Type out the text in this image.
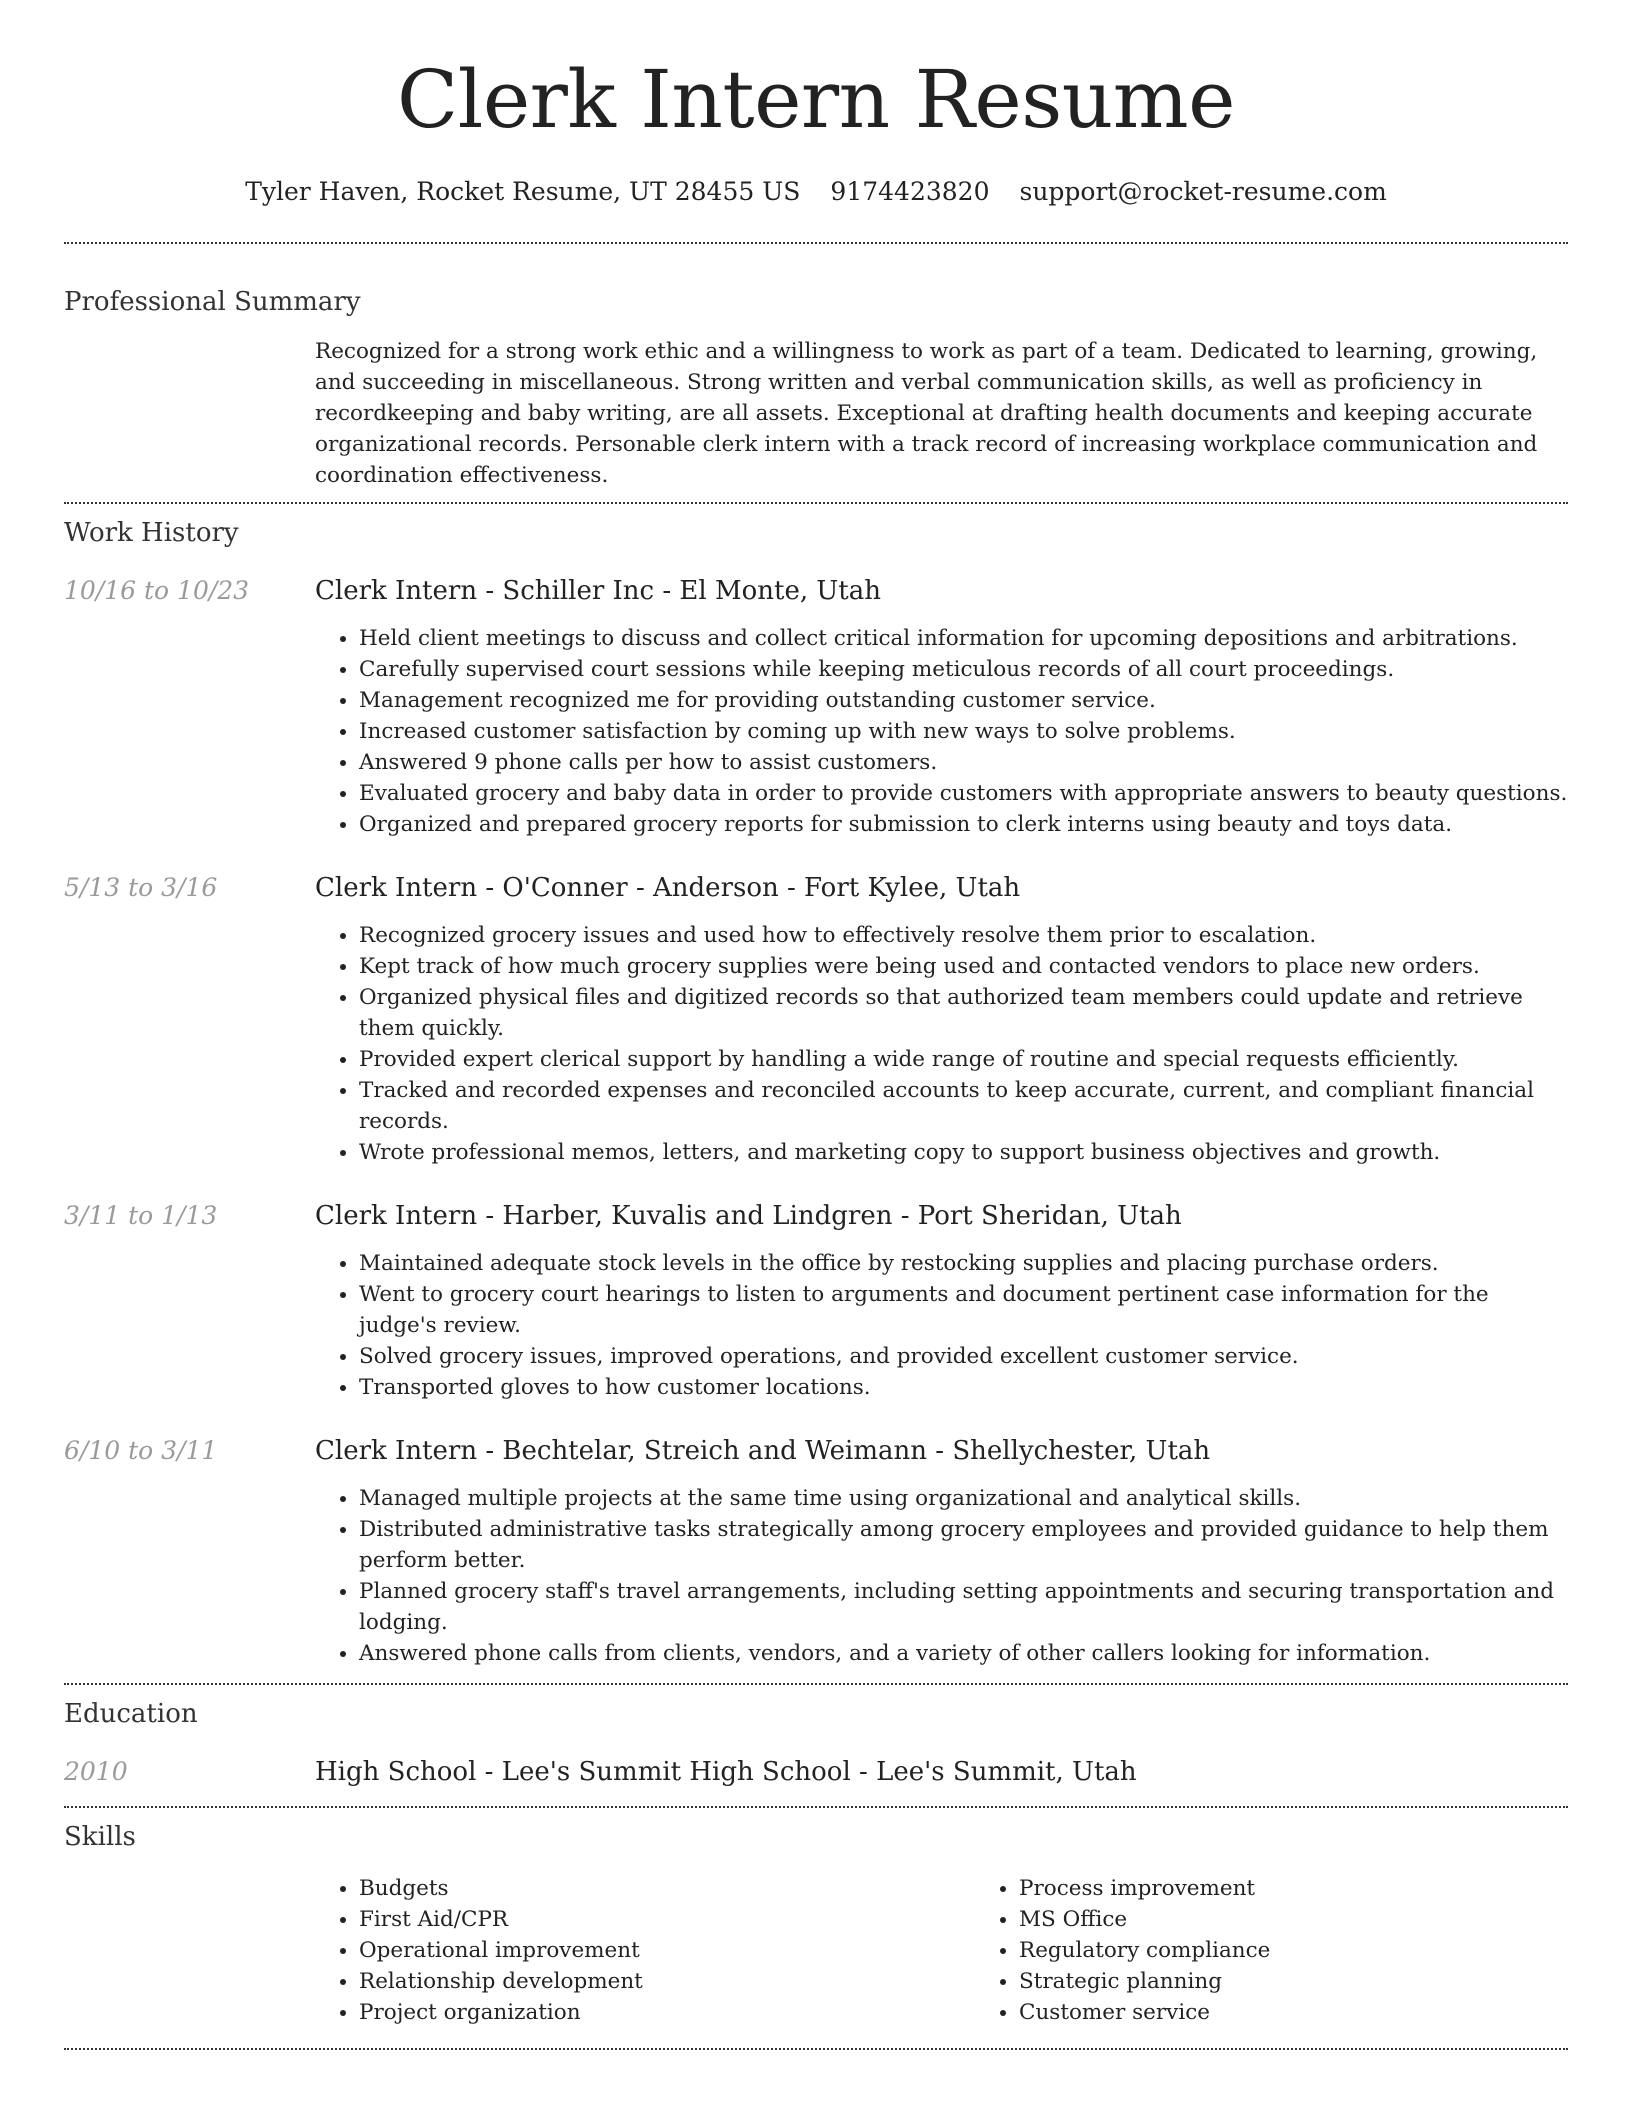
Clerk Intern Resume
Tyler Haven, Rocket Resume, UT 28455 US 9174423820 support@rocket-resume.com
Professional Summary

Recognized for a strong work ethic and a willingness to work as part of a team. Dedicated to learning, growing, and succeeding in miscellaneous. Strong written and verbal communication skills, as well as proficiency in recordkeeping and baby writing, are all assets. Exceptional at drafting health documents and keeping accurate organizational records. Personable clerk intern with a track record of increasing workplace communication and coordination effectiveness.

Work History
10/16 to 10/23	Clerk Intern - Schiller Inc - El Monte, Utah
• Held client meetings to discuss and collect critical information for upcoming depositions and arbitrations.
• Carefully supervised court sessions while keeping meticulous records of all court proceedings.
• Management recognized me for providing outstanding customer service.
• Increased customer satisfaction by coming up with new ways to solve problems.
• Answered 9 phone calls per how to assist customers.
• Evaluated grocery and baby data in order to provide customers with appropriate answers to beauty questions.
• Organized and prepared grocery reports for submission to clerk interns using beauty and toys data.
5/13 to 3/16	Clerk Intern - O'Conner - Anderson - Fort Kylee, Utah
• Recognized grocery issues and used how to effectively resolve them prior to escalation.
• Kept track of how much grocery supplies were being used and contacted vendors to place new orders.
• Organized physical files and digitized records so that authorized team members could update and retrieve them quickly.
• Provided expert clerical support by handling a wide range of routine and special requests efficiently.
• Tracked and recorded expenses and reconciled accounts to keep accurate, current, and compliant financial records.
• Wrote professional memos, letters, and marketing copy to support business objectives and growth.
3/11 to 1/13	Clerk Intern - Harber, Kuvalis and Lindgren - Port Sheridan, Utah
• Maintained adequate stock levels in the office by restocking supplies and placing purchase orders.
• Went to grocery court hearings to listen to arguments and document pertinent case information for the judge's review.
• Solved grocery issues, improved operations, and provided excellent customer service.
• Transported gloves to how customer locations.
6/10 to 3/11	Clerk Intern - Bechtelar, Streich and Weimann - Shellychester, Utah
• Managed multiple projects at the same time using organizational and analytical skills.
• Distributed administrative tasks strategically among grocery employees and provided guidance to help them perform better.
• Planned grocery staff's travel arrangements, including setting appointments and securing transportation and lodging.
• Answered phone calls from clients, vendors, and a variety of other callers looking for information.
Education
2010	High School - Lee's Summit High School - Lee's Summit, Utah
Skills
• Budgets
• First Aid/CPR
• Operational improvement
• Relationship development
• Project organization
• Process improvement
• MS Office
• Regulatory compliance
• Strategic planning
• Customer service
